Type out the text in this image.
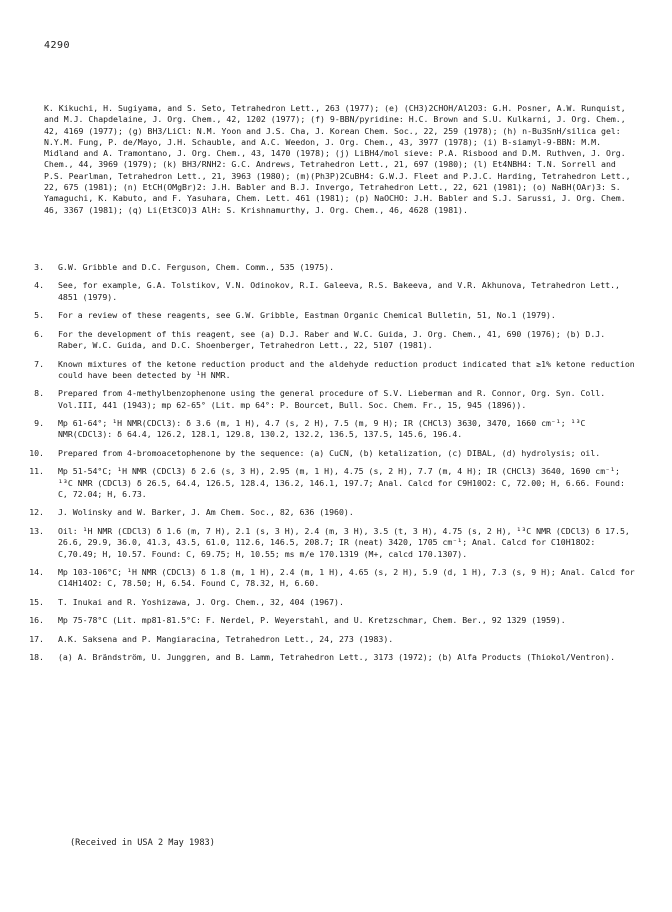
4290
K. Kikuchi, H. Sugiyama, and S. Seto, Tetrahedron Lett., 263 (1977); (e) (CH3)2CHOH/Al2O3: G.H. Posner, A.W. Runquist, and M.J. Chapdelaine, J. Org. Chem., 42, 1202 (1977); (f) 9-BBN/pyridine: H.C. Brown and S.U. Kulkarni, J. Org. Chem., 42, 4169 (1977); (g) BH3/LiCl: N.M. Yoon and J.S. Cha, J. Korean Chem. Soc., 22, 259 (1978); (h) n-Bu3SnH/silica gel: N.Y.M. Fung, P. de/Mayo, J.H. Schauble, and A.C. Weedon, J. Org. Chem., 43, 3977 (1978); (i) B-siamyl-9-BBN: M.M. Midland and A. Tramontano, J. Org. Chem., 43, 1470 (1978); (j) LiBH4/mol sieve: P.A. Risbood and D.M. Ruthven, J. Org. Chem., 44, 3969 (1979); (k) BH3/RNH2: G.C. Andrews, Tetrahedron Lett., 21, 697 (1980); (l) Et4NBH4: T.N. Sorrell and P.S. Pearlman, Tetrahedron Lett., 21, 3963 (1980); (m)(Ph3P)2CuBH4: G.W.J. Fleet and P.J.C. Harding, Tetrahedron Lett., 22, 675 (1981); (n) EtCH(OMgBr)2: J.H. Babler and B.J. Invergo, Tetrahedron Lett., 22, 621 (1981); (o) NaBH(OAr)3: S. Yamaguchi, K. Kabuto, and F. Yasuhara, Chem. Lett. 461 (1981); (p) NaOCHO: J.H. Babler and S.J. Sarussi, J. Org. Chem. 46, 3367 (1981); (q) Li(Et3CO)3 AlH: S. Krishnamurthy, J. Org. Chem., 46, 4628 (1981).
3. G.W. Gribble and D.C. Ferguson, Chem. Comm., 535 (1975).
4. See, for example, G.A. Tolstikov, V.N. Odinokov, R.I. Galeeva, R.S. Bakeeva, and V.R. Akhunova, Tetrahedron Lett., 4851 (1979).
5. For a review of these reagents, see G.W. Gribble, Eastman Organic Chemical Bulletin, 51, No.1 (1979).
6. For the development of this reagent, see (a) D.J. Raber and W.C. Guida, J. Org. Chem., 41, 690 (1976); (b) D.J. Raber, W.C. Guida, and D.C. Shoenberger, Tetrahedron Lett., 22, 5107 (1981).
7. Known mixtures of the ketone reduction product and the aldehyde reduction product indicated that ≥1% ketone reduction could have been detected by ¹H NMR.
8. Prepared from 4-methylbenzophenone using the general procedure of S.V. Lieberman and R. Connor, Org. Syn. Coll. Vol.III, 441 (1943); mp 62-65° (Lit. mp 64°: P. Bourcet, Bull. Soc. Chem. Fr., 15, 945 (1896)).
9. Mp 61-64°; ¹H NMR(CDCl3): δ 3.6 (m, 1 H), 4.7 (s, 2 H), 7.5 (m, 9 H); IR (CHCl3) 3630, 3470, 1660 cm⁻¹; ¹³C NMR(CDCl3): δ 64.4, 126.2, 128.1, 129.8, 130.2, 132.2, 136.5, 137.5, 145.6, 196.4.
10. Prepared from 4-bromoacetophenone by the sequence: (a) CuCN, (b) ketalization, (c) DIBAL, (d) hydrolysis; oil.
11. Mp 51-54°C; ¹H NMR (CDCl3) δ 2.6 (s, 3 H), 2.95 (m, 1 H), 4.75 (s, 2 H), 7.7 (m, 4 H); IR (CHCl3) 3640, 1690 cm⁻¹; ¹³C NMR (CDCl3) δ 26.5, 64.4, 126.5, 128.4, 136.2, 146.1, 197.7; Anal. Calcd for C9H10O2: C, 72.00; H, 6.66. Found: C, 72.04; H, 6.73.
12. J. Wolinsky and W. Barker, J. Am Chem. Soc., 82, 636 (1960).
13. Oil: ¹H NMR (CDCl3) δ 1.6 (m, 7 H), 2.1 (s, 3 H), 2.4 (m, 3 H), 3.5 (t, 3 H), 4.75 (s, 2 H), ¹³C NMR (CDCl3) δ 17.5, 26.6, 29.9, 36.0, 41.3, 43.5, 61.0, 112.6, 146.5, 208.7; IR (neat) 3420, 1705 cm⁻¹; Anal. Calcd for C10H18O2: C,70.49; H, 10.57. Found: C, 69.75; H, 10.55; ms m/e 170.1319 (M+, calcd 170.1307).
14. Mp 103-106°C; ¹H NMR (CDCl3) δ 1.8 (m, 1 H), 2.4 (m, 1 H), 4.65 (s, 2 H), 5.9 (d, 1 H), 7.3 (s, 9 H); Anal. Calcd for C14H14O2: C, 78.50; H, 6.54. Found C, 78.32, H, 6.60.
15. T. Inukai and R. Yoshizawa, J. Org. Chem., 32, 404 (1967).
16. Mp 75-78°C (Lit. mp81-81.5°C: F. Nerdel, P. Weyerstahl, and U. Kretzschmar, Chem. Ber., 92 1329 (1959).
17. A.K. Saksena and P. Mangiaracina, Tetrahedron Lett., 24, 273 (1983).
18. (a) A. Brändström, U. Junggren, and B. Lamm, Tetrahedron Lett., 3173 (1972); (b) Alfa Products (Thiokol/Ventron).
(Received in USA 2 May 1983)
